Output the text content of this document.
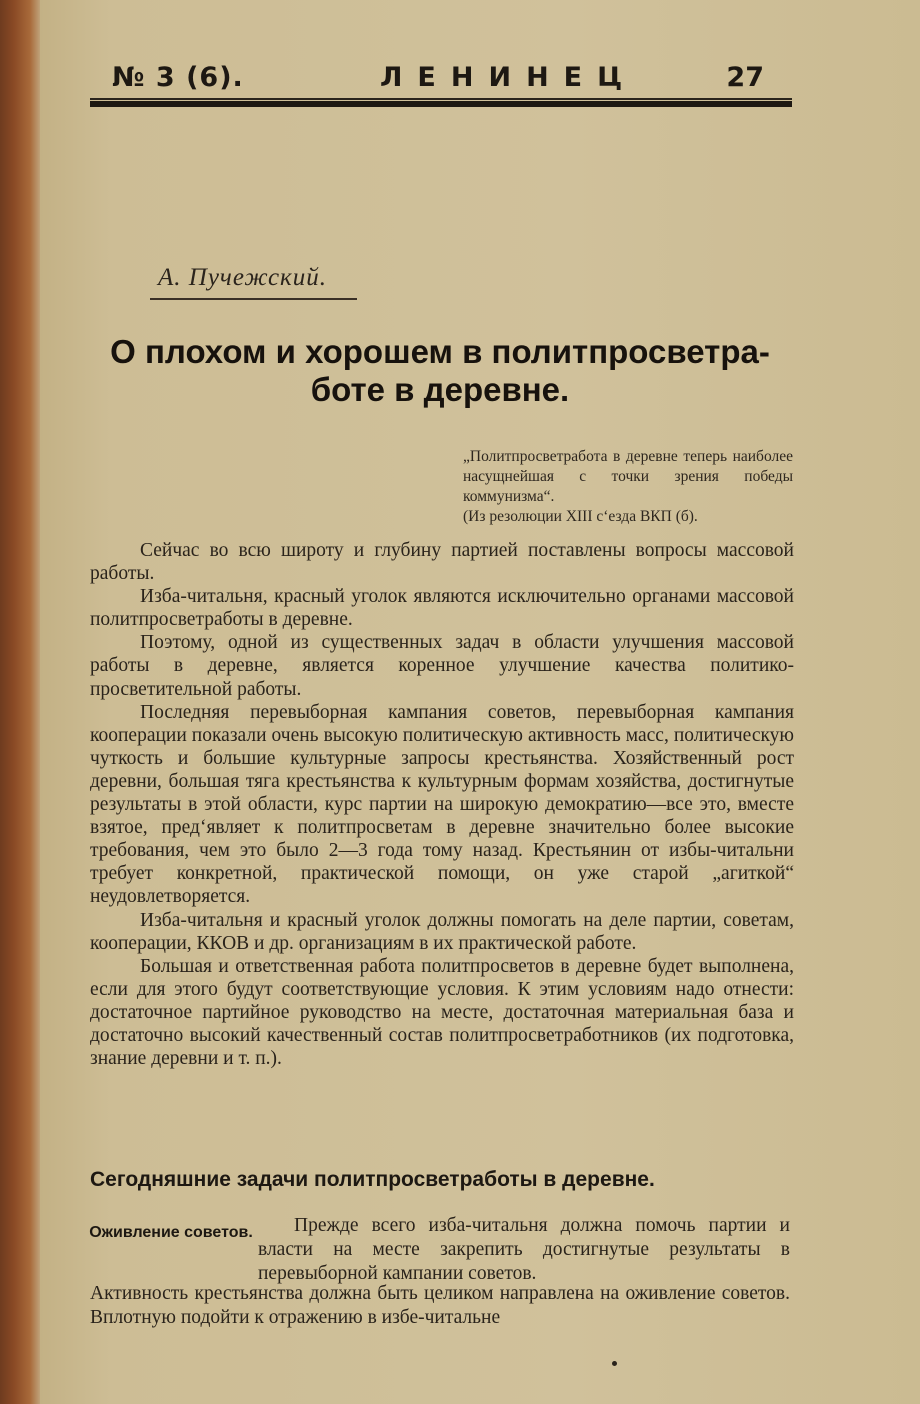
№ 3 (6).	ЛЕНИНЕЦ	27
А. Пучежский.
О плохом и хорошем в политпросветра-
боте в деревне.
„Политпросветработа в деревне теперь наиболее насущнейшая с точки зрения победы коммунизма“.
(Из резолюции XIII с‘езда ВКП (б).

Сейчас во всю широту и глубину партией поставлены вопросы массовой работы.

Изба-читальня, красный уголок являются исключительно органами массовой политпросветработы в деревне.

Поэтому, одной из существенных задач в области улучшения массовой работы в деревне, является коренное улучшение качества политико-просветительной работы.

Последняя перевыборная кампания советов, перевыборная кампания кооперации показали очень высокую политическую активность масс, политическую чуткость и большие культурные запросы крестьянства. Хозяйственный рост деревни, большая тяга крестьянства к культурным формам хозяйства, достигнутые результаты в этой области, курс партии на широкую демократию—все это, вместе взятое, пред‘являет к политпросветам в деревне значительно более высокие требования, чем это было 2—3 года тому назад. Крестьянин от избы-читальни требует конкретной, практической помощи, он уже старой „агиткой“ неудовлетворяется.

Изба-читальня и красный уголок должны помогать на деле партии, советам, кооперации, ККОВ и др. организациям в их практической работе.

Большая и ответственная работа политпросветов в деревне будет выполнена, если для этого будут соответствующие условия. К этим условиям надо отнести: достаточное партийное руководство на месте, достаточная материальная база и достаточно высокий качественный состав политпросветработников (их подготовка, знание деревни и т. п.).

Сегодняшние задачи политпросветработы в деревне.
Оживление советов.	Прежде всего изба-читальня должна помочь партии и власти на месте закрепить достигнутые результаты в перевыборной кампании советов.
Активность крестьянства должна быть целиком направлена на оживление советов. Вплотную подойти к отражению в избе-читальне
